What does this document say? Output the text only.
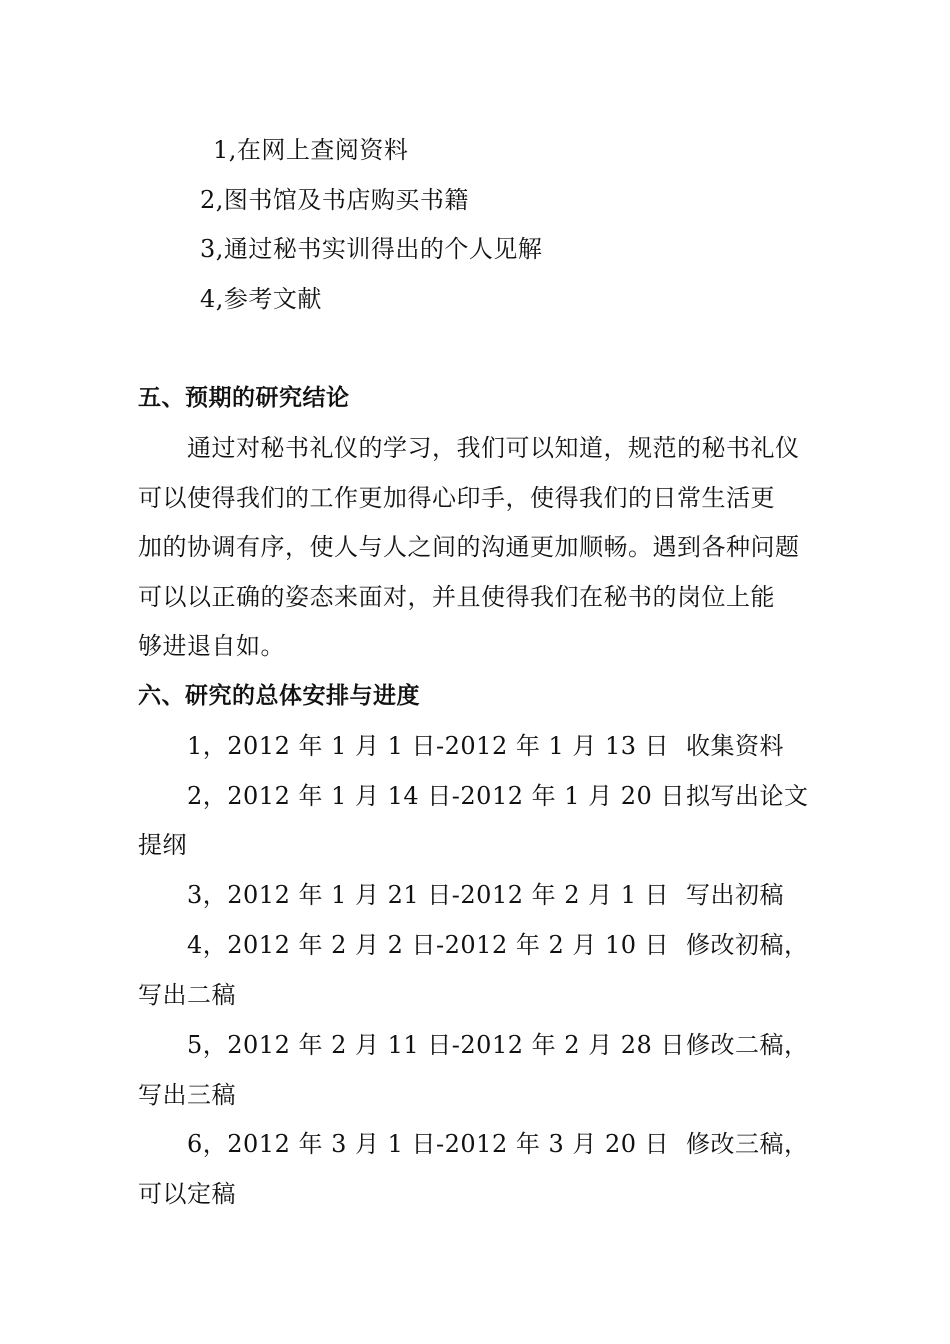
1,在网上查阅资料
2,图书馆及书店购买书籍
3,通过秘书实训得出的个人见解
4,参考文献
五、预期的研究结论
通过对秘书礼仪的学习，我们可以知道，规范的秘书礼仪
可以使得我们的工作更加得心印手，使得我们的日常生活更
加的协调有序，使人与人之间的沟通更加顺畅。遇到各种问题
可以以正确的姿态来面对，并且使得我们在秘书的岗位上能
够进退自如。
六、研究的总体安排与进度
1，2012 年 1 月 1 日-2012 年 1 月 13 日 收集资料
2，2012 年 1 月 14 日-2012 年 1 月 20 日 拟写出论文
提纲
3，2012 年 1 月 21 日-2012 年 2 月 1 日 写出初稿
4，2012 年 2 月 2 日-2012 年 2 月 10 日 修改初稿，
写出二稿
5，2012 年 2 月 11 日-2012 年 2 月 28 日 修改二稿，
写出三稿
6，2012 年 3 月 1 日-2012 年 3 月 20 日 修改三稿，
可以定稿
